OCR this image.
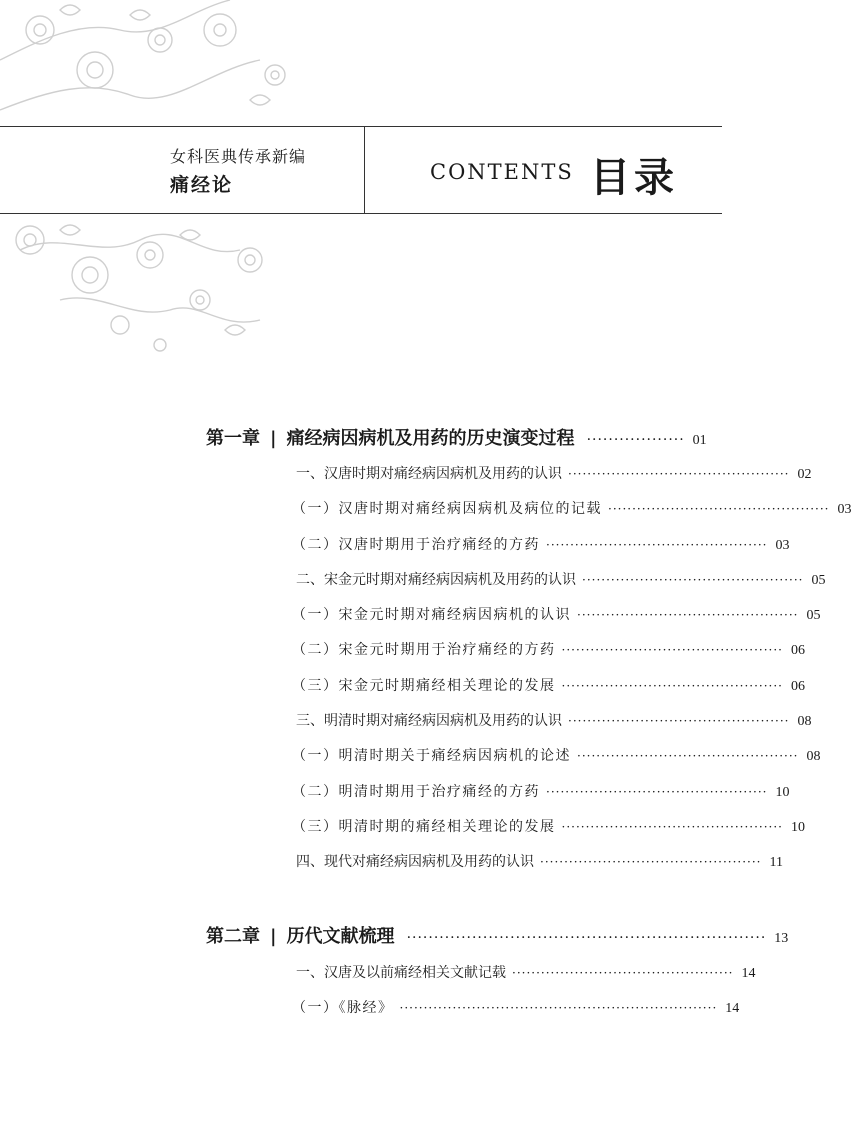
女科医典传承新编
痛经论
CONTENTS 目录
第一章 | 痛经病因病机及用药的历史演变过程 ·················· 01
一、汉唐时期对痛经病因病机及用药的认识 ·············································· 02
（一）汉唐时期对痛经病因病机及病位的记载 ·············································· 03
（二）汉唐时期用于治疗痛经的方药 ·············································· 03
二、宋金元时期对痛经病因病机及用药的认识 ·············································· 05
（一）宋金元时期对痛经病因病机的认识 ·············································· 05
（二）宋金元时期用于治疗痛经的方药 ·············································· 06
（三）宋金元时期痛经相关理论的发展 ·············································· 06
三、明清时期对痛经病因病机及用药的认识 ·············································· 08
（一）明清时期关于痛经病因病机的论述 ·············································· 08
（二）明清时期用于治疗痛经的方药 ·············································· 10
（三）明清时期的痛经相关理论的发展 ·············································· 10
四、现代对痛经病因病机及用药的认识 ·············································· 11
第二章 | 历代文献梳理 ·································································· 13
一、汉唐及以前痛经相关文献记载 ·············································· 14
（一）《脉经》 ·································································· 14
